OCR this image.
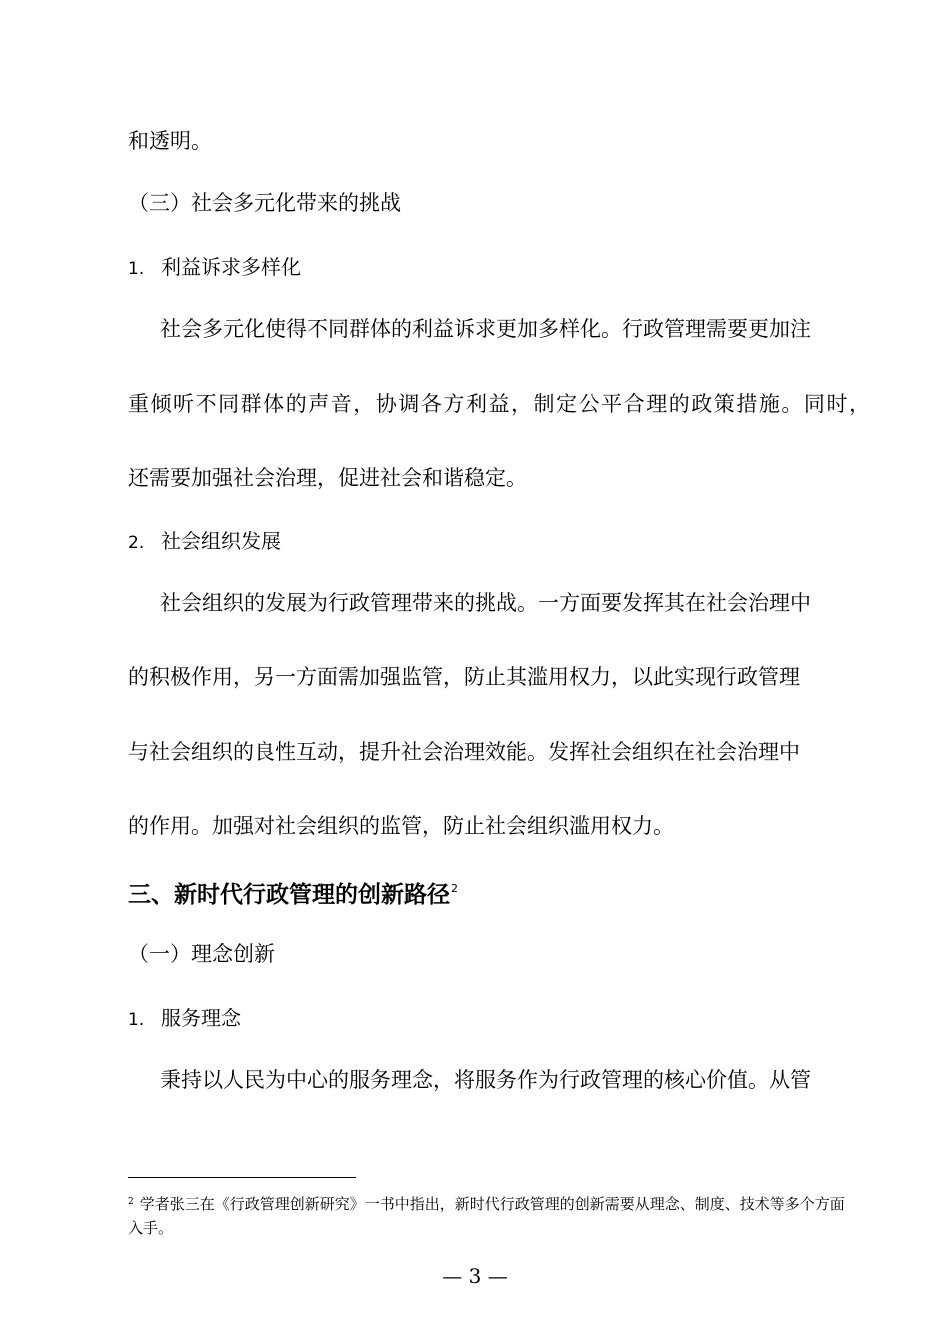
和透明。
（三）社会多元化带来的挑战
1. 利益诉求多样化
社会多元化使得不同群体的利益诉求更加多样化。行政管理需要更加注
重倾听不同群体的声音，协调各方利益，制定公平合理的政策措施。同时，
还需要加强社会治理，促进社会和谐稳定。
2. 社会组织发展
社会组织的发展为行政管理带来的挑战。一方面要发挥其在社会治理中
的积极作用，另一方面需加强监管，防止其滥用权力，以此实现行政管理
与社会组织的良性互动，提升社会治理效能。发挥社会组织在社会治理中
的作用。加强对社会组织的监管，防止社会组织滥用权力。
三、新时代行政管理的创新路径$^2$
（一）理念创新
1. 服务理念
秉持以人民为中心的服务理念，将服务作为行政管理的核心价值。从管
$^2$ 学者张三在《行政管理创新研究》一书中指出，新时代行政管理的创新需要从理念、制度、技术等多个方面入手。
— 3 —
